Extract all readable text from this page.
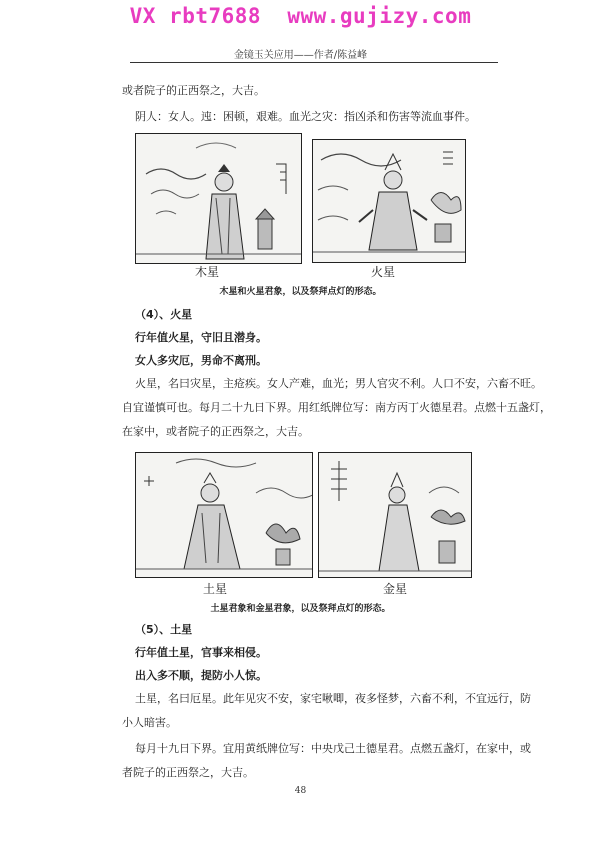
VX rbt7688  www.gujizy.com
金镜玉关应用——作者/陈益峰
或者院子的正西祭之，大吉。
阴人：女人。迍：困顿，艰难。血光之灾：指凶杀和伤害等流血事件。
木星	火星
木星和火星君象，以及祭拜点灯的形态。
（4）、火星
行年值火星，守旧且潜身。
女人多灾厄，男命不离刑。
火星，名曰灾星，主疮疾。女人产难，血光；男人官灾不利。人口不安，六畜不旺。
自宜谨慎可也。每月二十九日下界。用红纸牌位写：南方丙丁火德星君。点燃十五盏灯，
在家中，或者院子的正西祭之，大吉。
土星	金星
土星君象和金星君象，以及祭拜点灯的形态。
（5）、土星
行年值土星，官事来相侵。
出入多不顺，提防小人惊。
土星，名曰厄星。此年见灾不安，家宅啾唧，夜多怪梦，六畜不利，不宜远行，防
小人暗害。
每月十九日下界。宜用黄纸牌位写：中央戊己土德星君。点燃五盏灯，在家中，或
者院子的正西祭之，大吉。
48
